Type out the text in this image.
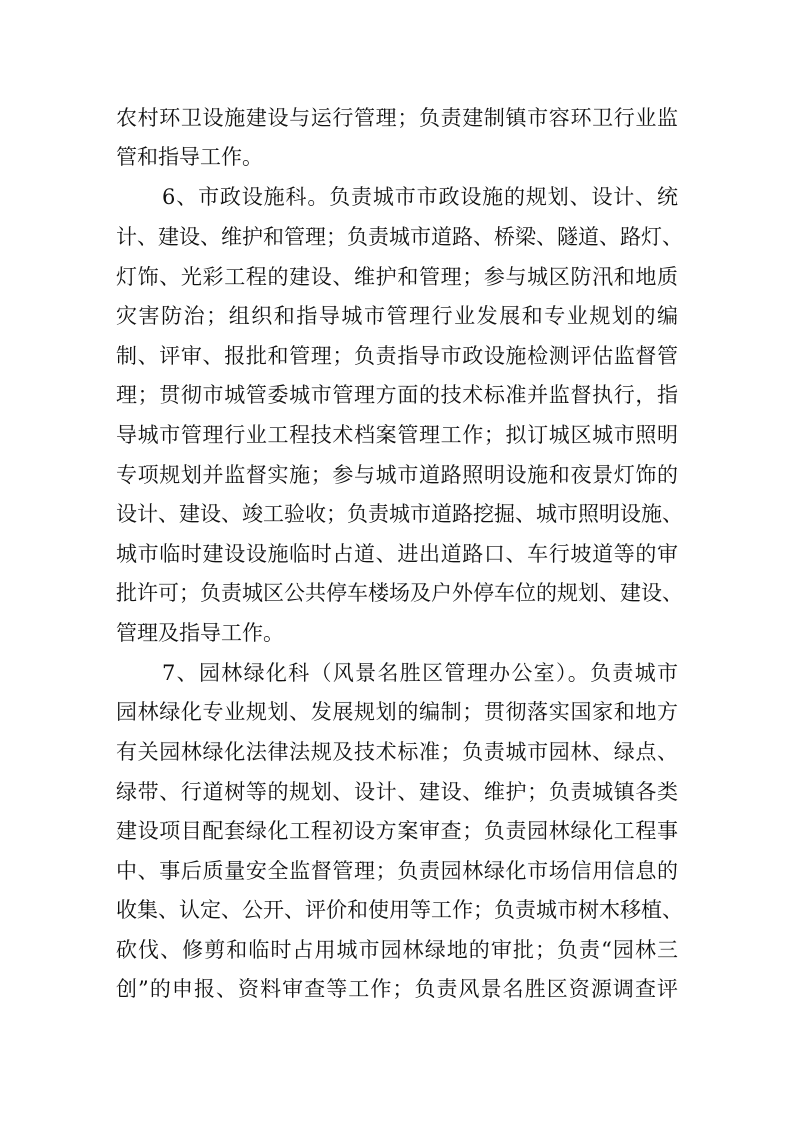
农村环卫设施建设与运行管理；负责建制镇市容环卫行业监
管和指导工作。
6、市政设施科。负责城市市政设施的规划、设计、统
计、建设、维护和管理；负责城市道路、桥梁、隧道、路灯、
灯饰、光彩工程的建设、维护和管理；参与城区防汛和地质
灾害防治；组织和指导城市管理行业发展和专业规划的编
制、评审、报批和管理；负责指导市政设施检测评估监督管
理；贯彻市城管委城市管理方面的技术标准并监督执行，指
导城市管理行业工程技术档案管理工作；拟订城区城市照明
专项规划并监督实施；参与城市道路照明设施和夜景灯饰的
设计、建设、竣工验收；负责城市道路挖掘、城市照明设施、
城市临时建设设施临时占道、进出道路口、车行坡道等的审
批许可；负责城区公共停车楼场及户外停车位的规划、建设、
管理及指导工作。
7、园林绿化科（风景名胜区管理办公室）。负责城市
园林绿化专业规划、发展规划的编制；贯彻落实国家和地方
有关园林绿化法律法规及技术标准；负责城市园林、绿点、
绿带、行道树等的规划、设计、建设、维护；负责城镇各类
建设项目配套绿化工程初设方案审查；负责园林绿化工程事
中、事后质量安全监督管理；负责园林绿化市场信用信息的
收集、认定、公开、评价和使用等工作；负责城市树木移植、
砍伐、修剪和临时占用城市园林绿地的审批；负责“园林三
创”的申报、资料审查等工作；负责风景名胜区资源调查评
